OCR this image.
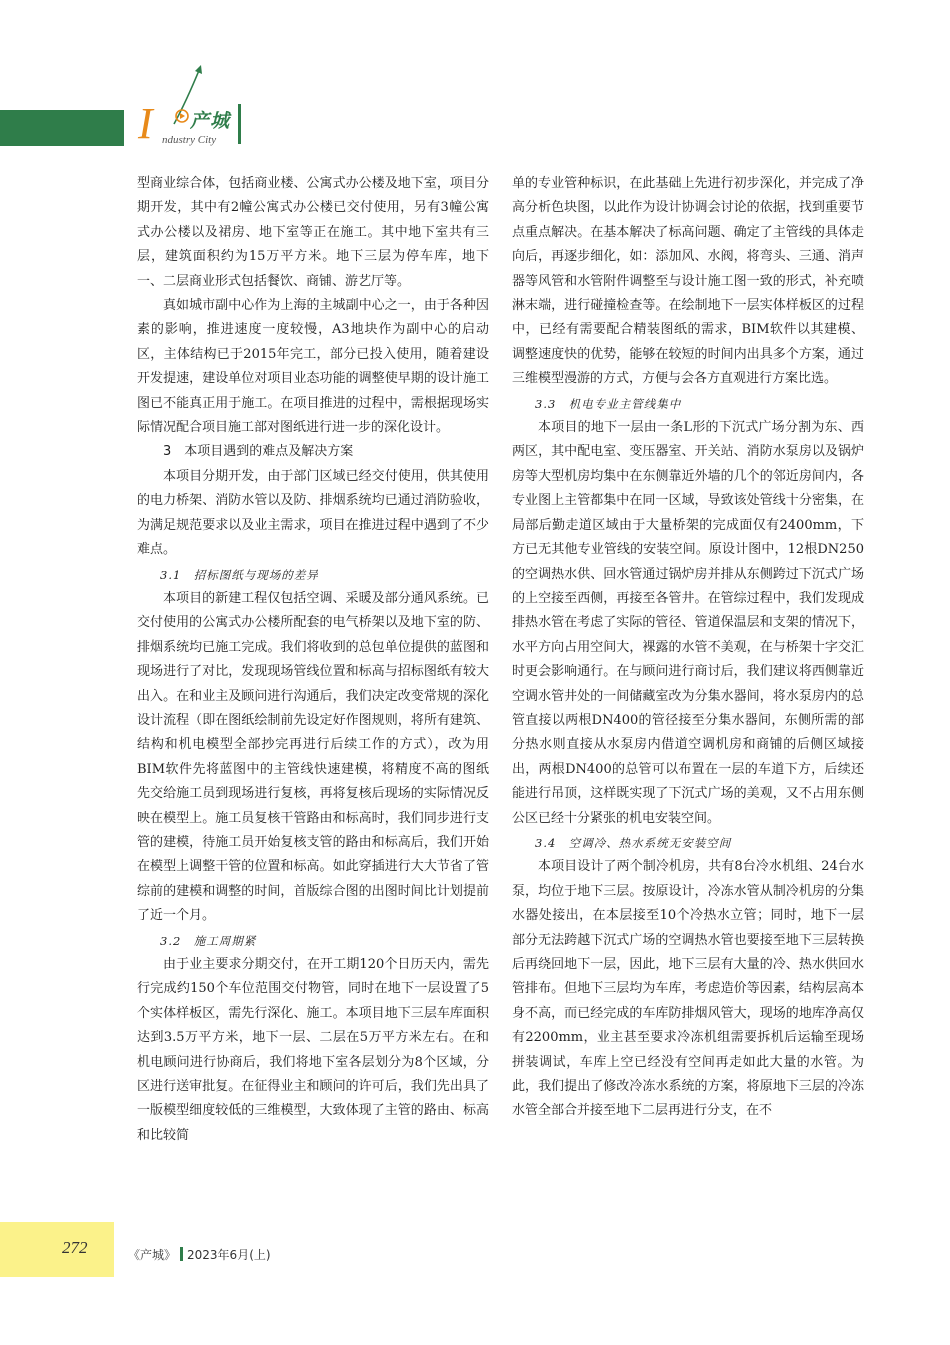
I 产城
ndustry City

型商业综合体，包括商业楼、公寓式办公楼及地下室，项目分期开发，其中有2幢公寓式办公楼已交付使用，另有3幢公寓式办公楼以及裙房、地下室等正在施工。其中地下室共有三层，建筑面积约为15万平方米。地下三层为停车库，地下一、二层商业形式包括餐饮、商铺、游艺厅等。

真如城市副中心作为上海的主城副中心之一，由于各种因素的影响，推进速度一度较慢，A3地块作为副中心的启动区，主体结构已于2015年完工，部分已投入使用，随着建设开发提速，建设单位对项目业态功能的调整使早期的设计施工图已不能真正用于施工。在项目推进的过程中，需根据现场实际情况配合项目施工部对图纸进行进一步的深化设计。

3　本项目遇到的难点及解决方案

本项目分期开发，由于部门区域已经交付使用，供其使用的电力桥架、消防水管以及防、排烟系统均已通过消防验收，为满足规范要求以及业主需求，项目在推进过程中遇到了不少难点。

3.1　招标图纸与现场的差异

本项目的新建工程仅包括空调、采暖及部分通风系统。已交付使用的公寓式办公楼所配套的电气桥架以及地下室的防、排烟系统均已施工完成。我们将收到的总包单位提供的蓝图和现场进行了对比，发现现场管线位置和标高与招标图纸有较大出入。在和业主及顾问进行沟通后，我们决定改变常规的深化设计流程（即在图纸绘制前先设定好作图规则，将所有建筑、结构和机电模型全部抄完再进行后续工作的方式），改为用BIM软件先将蓝图中的主管线快速建模，将精度不高的图纸先交给施工员到现场进行复核，再将复核后现场的实际情况反映在模型上。施工员复核干管路由和标高时，我们同步进行支管的建模，待施工员开始复核支管的路由和标高后，我们开始在模型上调整干管的位置和标高。如此穿插进行大大节省了管综前的建模和调整的时间，首版综合图的出图时间比计划提前了近一个月。

3.2　施工周期紧

由于业主要求分期交付，在开工期120个日历天内，需先行完成约150个车位范围交付物管，同时在地下一层设置了5个实体样板区，需先行深化、施工。本项目地下三层车库面积达到3.5万平方米，地下一层、二层在5万平方米左右。在和机电顾问进行协商后，我们将地下室各层划分为8个区域，分区进行送审批复。在征得业主和顾问的许可后，我们先出具了一版模型细度较低的三维模型，大致体现了主管的路由、标高和比较简

单的专业管种标识，在此基础上先进行初步深化，并完成了净高分析色块图，以此作为设计协调会讨论的依据，找到重要节点重点解决。在基本解决了标高问题、确定了主管线的具体走向后，再逐步细化，如：添加风、水阀，将弯头、三通、消声器等风管和水管附件调整至与设计施工图一致的形式，补充喷淋末端，进行碰撞检查等。在绘制地下一层实体样板区的过程中，已经有需要配合精装图纸的需求，BIM软件以其建模、调整速度快的优势，能够在较短的时间内出具多个方案，通过三维模型漫游的方式，方便与会各方直观进行方案比选。

3.3　机电专业主管线集中

本项目的地下一层由一条L形的下沉式广场分割为东、西两区，其中配电室、变压器室、开关站、消防水泵房以及锅炉房等大型机房均集中在东侧靠近外墙的几个的邻近房间内，各专业图上主管都集中在同一区域，导致该处管线十分密集，在局部后勤走道区域由于大量桥架的完成面仅有2400mm，下方已无其他专业管线的安装空间。原设计图中，12根DN250的空调热水供、回水管通过锅炉房并排从东侧跨过下沉式广场的上空接至西侧，再接至各管井。在管综过程中，我们发现成排热水管在考虑了实际的管径、管道保温层和支架的情况下，水平方向占用空间大，裸露的水管不美观，在与桥架十字交汇时更会影响通行。在与顾问进行商讨后，我们建议将西侧靠近空调水管井处的一间储藏室改为分集水器间，将水泵房内的总管直接以两根DN400的管径接至分集水器间，东侧所需的部分热水则直接从水泵房内借道空调机房和商铺的后侧区域接出，两根DN400的总管可以布置在一层的车道下方，后续还能进行吊顶，这样既实现了下沉式广场的美观，又不占用东侧公区已经十分紧张的机电安装空间。

3.4　空调冷、热水系统无安装空间

本项目设计了两个制冷机房，共有8台冷水机组、24台水泵，均位于地下三层。按原设计，冷冻水管从制冷机房的分集水器处接出，在本层接至10个冷热水立管；同时，地下一层部分无法跨越下沉式广场的空调热水管也要接至地下三层转换后再绕回地下一层，因此，地下三层有大量的冷、热水供回水管排布。但地下三层均为车库，考虑造价等因素，结构层高本身不高，而已经完成的车库防排烟风管大，现场的地库净高仅有2200mm，业主甚至要求冷冻机组需要拆机后运输至现场拼装调试，车库上空已经没有空间再走如此大量的水管。为此，我们提出了修改冷冻水系统的方案，将原地下三层的冷冻水管全部合并接至地下二层再进行分支，在不

272	《产城》 2023年6月(上)
